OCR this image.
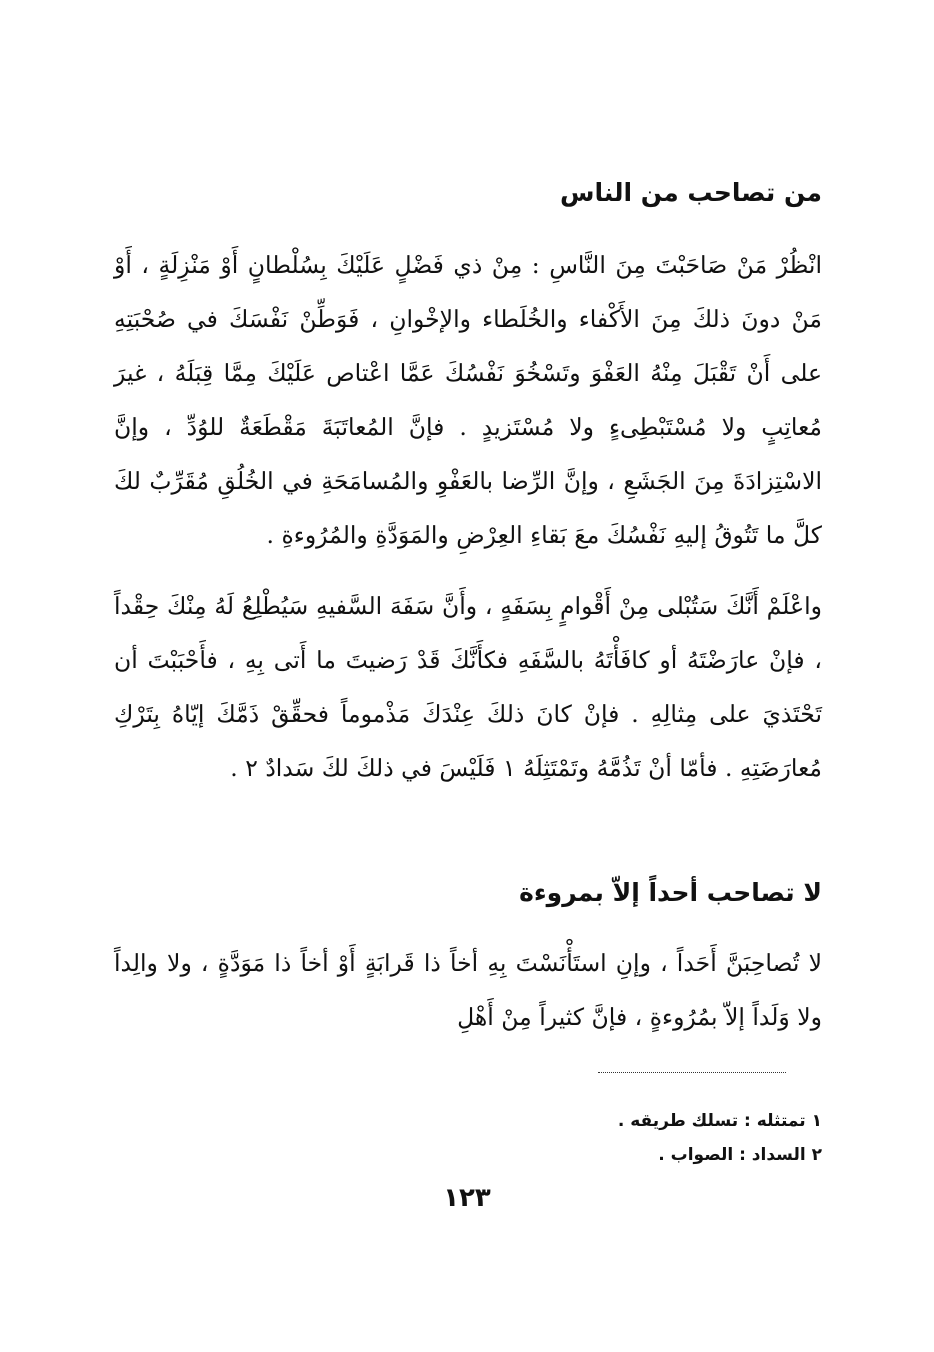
من تصاحب من الناس

انْظُرْ مَنْ صَاحَبْتَ مِنَ النَّاسِ : مِنْ ذي فَضْلٍ عَلَيْكَ بِسُلْطانٍ أَوْ مَنْزِلَةٍ ، أَوْ مَنْ دونَ ذلكَ مِنَ الأَكْفاء والخُلَطاء والإخْوانِ ، فَوَطِّنْ نَفْسَكَ في صُحْبَتِهِ على أَنْ تَقْبَلَ مِنْهُ العَفْوَ وتَسْخُوَ نَفْسُكَ عَمَّا اعْتاص عَلَيْكَ مِمَّا قِبَلَهُ ، غيرَ مُعاتِبٍ ولا مُسْتَبْطِىءٍ ولا مُسْتَزيدٍ . فإنَّ المُعاتَبَةَ مَقْطَعَةٌ للوُدِّ ، وإنَّ الاسْتِزادَةَ مِنَ الجَشَعِ ، وإنَّ الرِّضا بالعَفْوِ والمُسامَحَةِ في الخُلُقِ مُقَرِّبٌ لكَ كلَّ ما تَتُوقُ إليهِ نَفْسُكَ معَ بَقاءِ العِرْضِ والمَوَدَّةِ والمُرُوءةِ .

واعْلَمْ أَنَّكَ سَتُبْلى مِنْ أَقْوامٍ بِسَفَهٍ ، وأَنَّ سَفَهَ السَّفيهِ سَيُطْلِعُ لَهُ مِنْكَ حِقْداً ، فإنْ عارَضْتَهُ أو كافَأْتَهُ بالسَّفَهِ فكأَنَّكَ قَدْ رَضيتَ ما أَتى بِهِ ، فأَحْبَبْتَ أن تَحْتَذيَ على مِثالِهِ . فإنْ كانَ ذلكَ عِنْدَكَ مَذْموماً فحقِّقْ ذَمَّكَ إيّاهُ بِتَرْكِ مُعارَضَتِهِ . فأمّا أنْ تَذُمَّهُ وتَمْتَثِلَهُ ١ فَلَيْسَ في ذلكَ لكَ سَدادٌ ٢ .

لا تصاحب أحداً إلاّ بمروءة

لا تُصاحِبَنَّ أَحَداً ، وإنِ استَأْنَسْتَ بِهِ أخاً ذا قَرابَةٍ أَوْ أخاً ذا مَوَدَّةٍ ، ولا والِداً ولا وَلَداً إلاّ بمُرُوءةٍ ، فإنَّ كثيراً مِنْ أَهْلِ

١ تمتثله : تسلك طريقه .
٢ السداد : الصواب .
١٢٣
